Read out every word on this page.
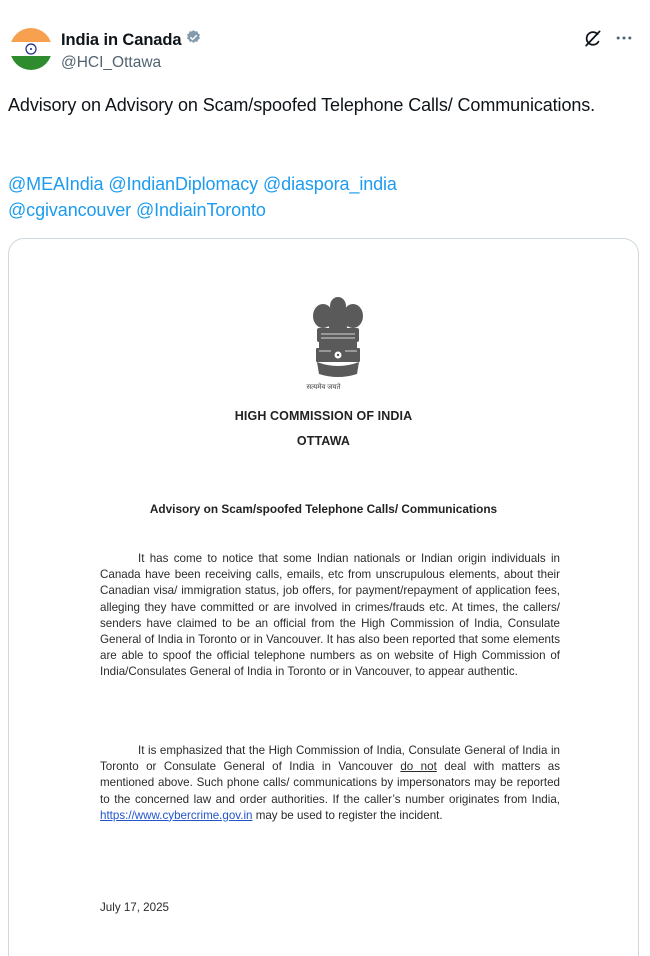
India in Canada
@HCI_Ottawa
Advisory on Advisory on Scam/spoofed Telephone Calls/ Communications.
@MEAIndia @IndianDiplomacy @diaspora_india
@cgivancouver @IndiainToronto
सत्यमेव जयते
HIGH COMMISSION OF INDIA
OTTAWA
Advisory on Scam/spoofed Telephone Calls/ Communications
It has come to notice that some Indian nationals or Indian origin individuals in Canada have been receiving calls, emails, etc from unscrupulous elements, about their Canadian visa/ immigration status, job offers, for payment/repayment of application fees, alleging they have committed or are involved in crimes/frauds etc. At times, the callers/ senders have claimed to be an official from the High Commission of India, Consulate General of India in Toronto or in Vancouver. It has also been reported that some elements are able to spoof the official telephone numbers as on website of High Commission of India/Consulates General of India in Toronto or in Vancouver, to appear authentic.
It is emphasized that the High Commission of India, Consulate General of India in Toronto or Consulate General of India in Vancouver do not deal with matters as mentioned above. Such phone calls/ communications by impersonators may be reported to the concerned law and order authorities. If the caller’s number originates from India, https://www.cybercrime.gov.in may be used to register the incident.
July 17, 2025
